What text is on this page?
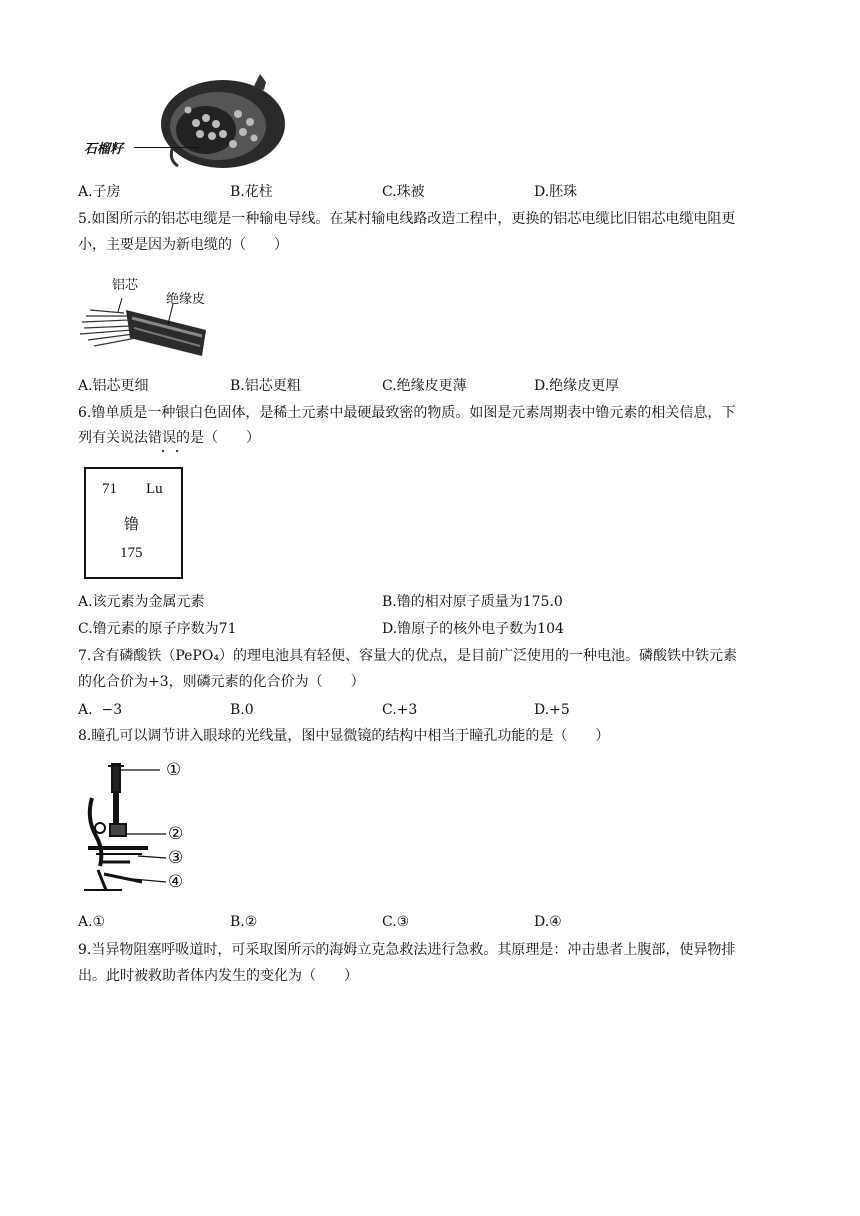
石榴籽
A.子房	B.花柱	C.珠被	D.胚珠
5.如图所示的铝芯电缆是一种输电导线。在某村输电线路改造工程中，更换的铝芯电缆比旧铝芯电缆电阻更
小，主要是因为新电缆的（　　）
铝芯
绝缘皮
A.铝芯更细	B.铝芯更粗	C.绝缘皮更薄	D.绝缘皮更厚
6.镥单质是一种银白色固体，是稀土元素中最硬最致密的物质。如图是元素周期表中镥元素的相关信息，下
列有关说法错误的是（　　）
71 Lu
镥
175
A.该元素为金属元素	B.镥的相对原子质量为175.0
C.镥元素的原子序数为71	D.镥原子的核外电子数为104
7.含有磷酸铁（PePO₄）的理电池具有轻便、容量大的优点，是目前广泛使用的一种电池。磷酸铁中铁元素
的化合价为+3，则磷元素的化合价为（　　）
A.  −3	B.0	C.+3	D.+5
8.瞳孔可以调节讲入眼球的光线量，图中显微镜的结构中相当于瞳孔功能的是（　　）
①
②
③
④
A.①	B.②	C.③	D.④
9.当异物阻塞呼吸道时，可采取图所示的海姆立克急救法进行急救。其原理是：冲击患者上腹部，使异物排
出。此时被救助者体内发生的变化为（　　）
